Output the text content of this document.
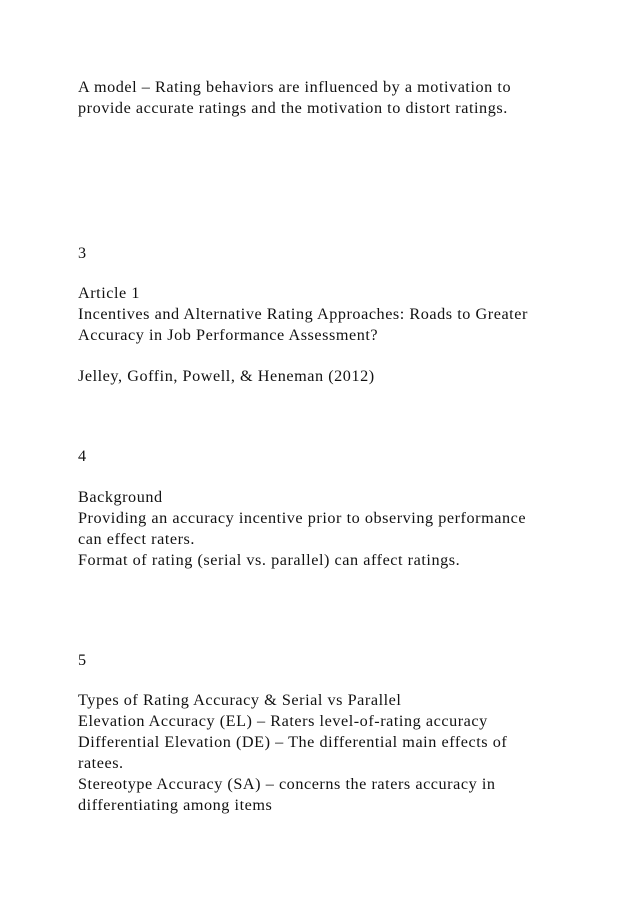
A model – Rating behaviors are influenced by a motivation to
provide accurate ratings and the motivation to distort ratings.
3
Article 1
Incentives and Alternative Rating Approaches: Roads to Greater
Accuracy in Job Performance Assessment?
Jelley, Goffin, Powell, & Heneman (2012)
4
Background
Providing an accuracy incentive prior to observing performance
can effect raters.
Format of rating (serial vs. parallel) can affect ratings.
5
Types of Rating Accuracy & Serial vs Parallel
Elevation Accuracy (EL) – Raters level-of-rating accuracy
Differential Elevation (DE) – The differential main effects of
ratees.
Stereotype Accuracy (SA) – concerns the raters accuracy in
differentiating among items
